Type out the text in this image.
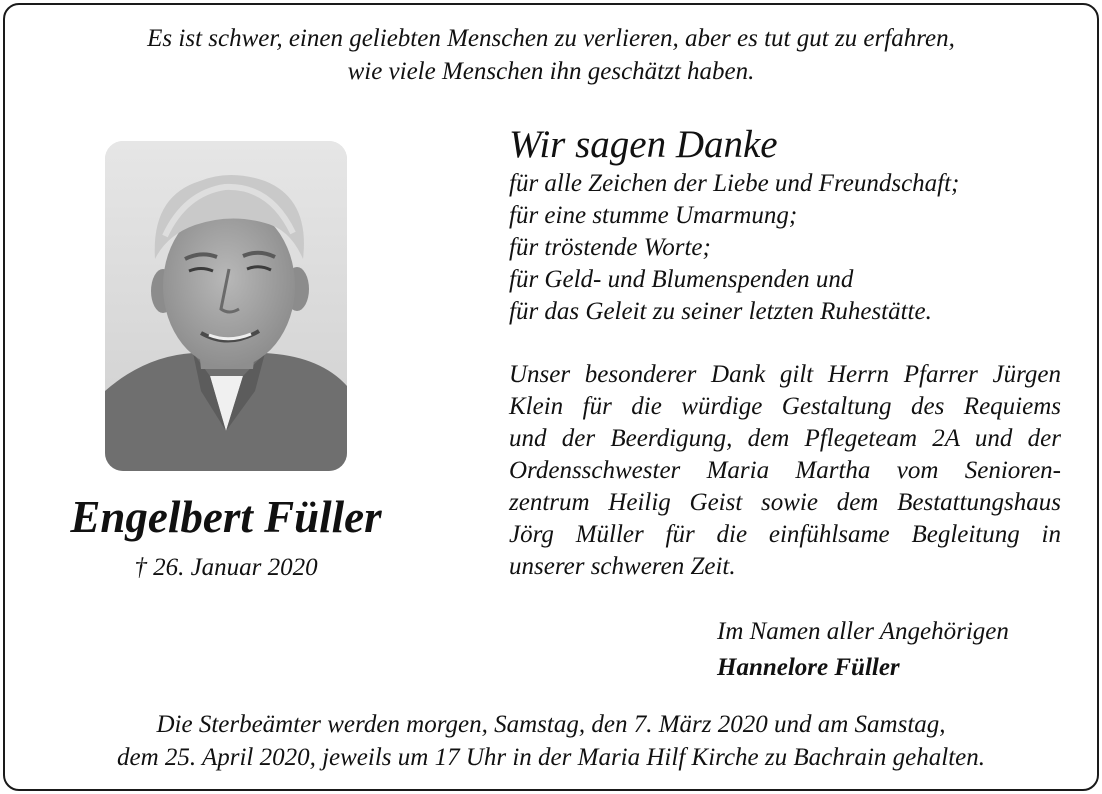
Es ist schwer, einen geliebten Menschen zu verlieren, aber es tut gut zu erfahren,
wie viele Menschen ihn geschätzt haben.
Engelbert Füller
† 26. Januar 2020
Wir sagen Danke
für alle Zeichen der Liebe und Freundschaft;
für eine stumme Umarmung;
für tröstende Worte;
für Geld- und Blumenspenden und
für das Geleit zu seiner letzten Ruhestätte.
Unser besonderer Dank gilt Herrn Pfarrer Jürgen
Klein für die würdige Gestaltung des Requiems
und der Beerdigung, dem Pflegeteam 2A und der
Ordensschwester Maria Martha vom Senioren-
zentrum Heilig Geist sowie dem Bestattungshaus
Jörg Müller für die einfühlsame Begleitung in
unserer schweren Zeit.
Im Namen aller Angehörigen
Hannelore Füller
Die Sterbeämter werden morgen, Samstag, den 7. März 2020 und am Samstag,
dem 25. April 2020, jeweils um 17 Uhr in der Maria Hilf Kirche zu Bachrain gehalten.
